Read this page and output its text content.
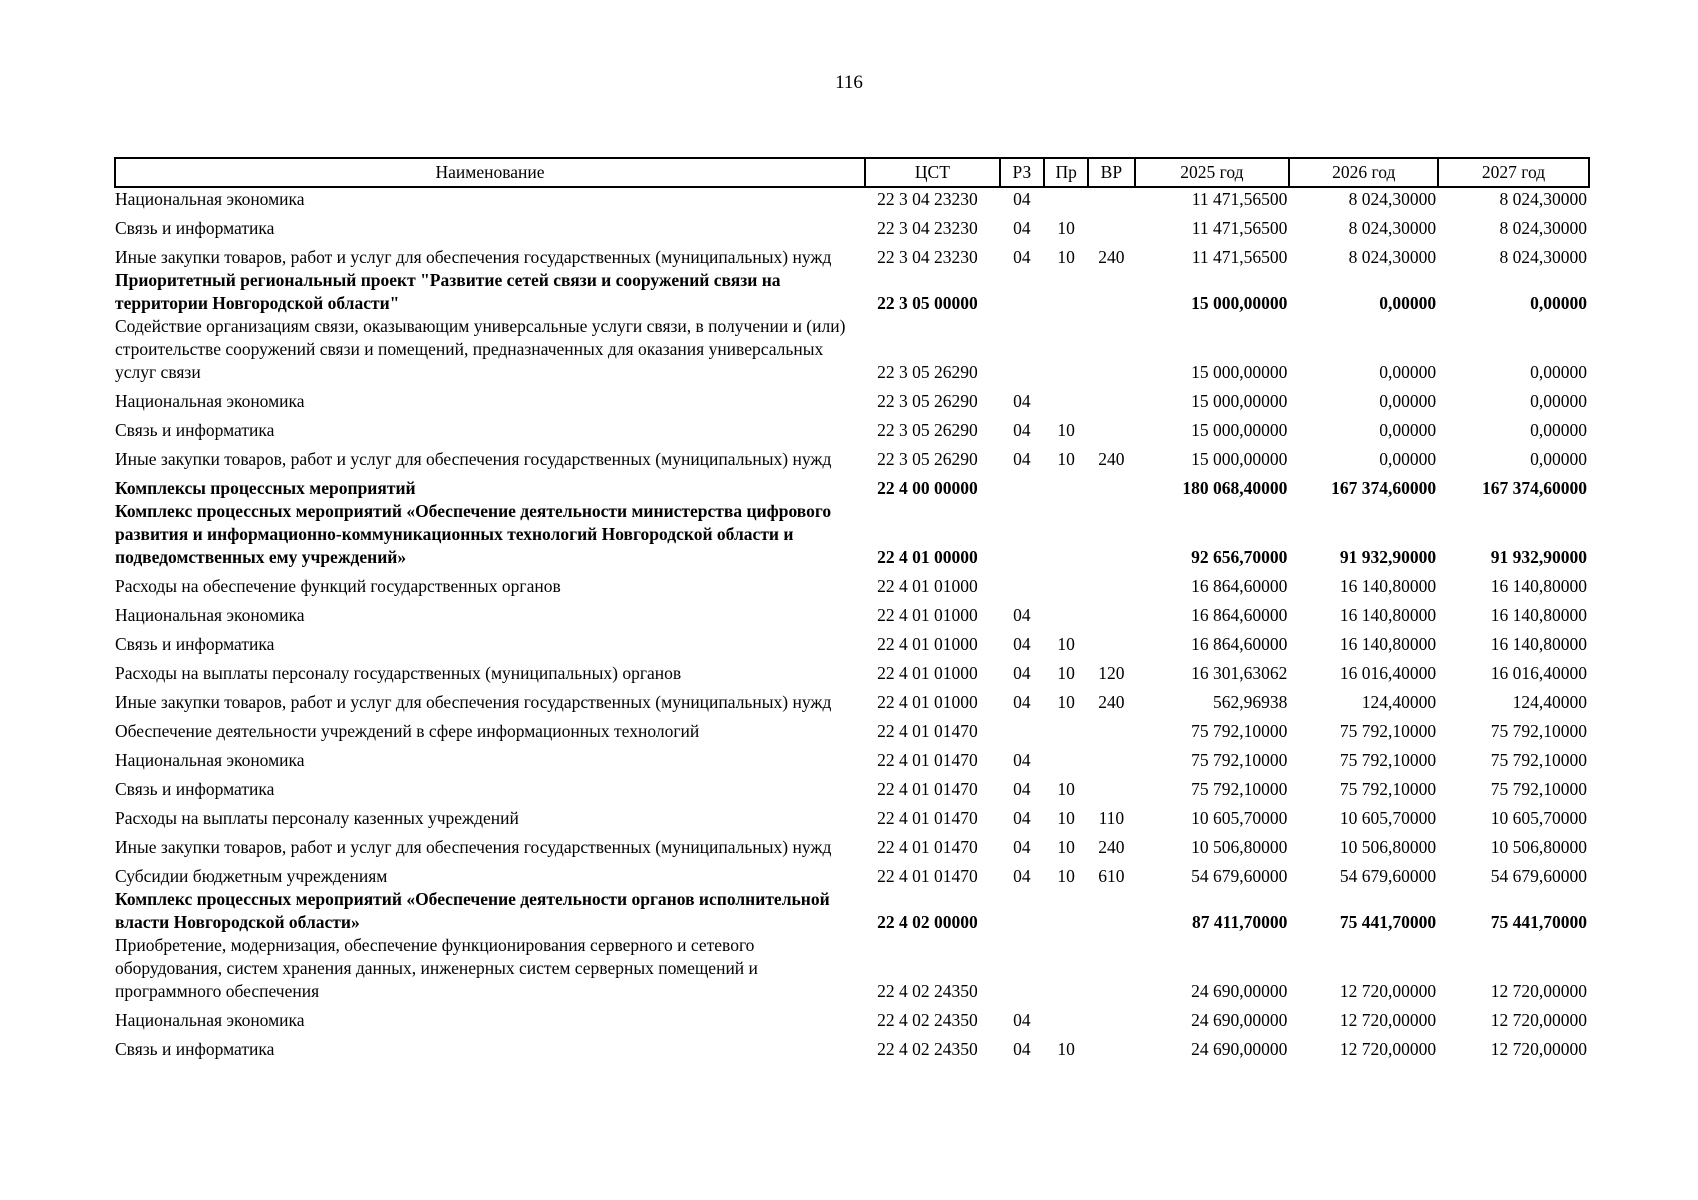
116
Наименование	ЦСТ	РЗ	Пр	ВР	2025 год	2026 год	2027 год
Национальная экономика	22 3 04 23230	04			11 471,56500	8 024,30000	8 024,30000
Связь и информатика	22 3 04 23230	04	10		11 471,56500	8 024,30000	8 024,30000
Иные закупки товаров, работ и услуг для обеспечения государственных (муниципальных) нужд	22 3 04 23230	04	10	240	11 471,56500	8 024,30000	8 024,30000
Приоритетный региональный проект "Развитие сетей связи и сооружений связи на территории Новгородской области"	22 3 05 00000				15 000,00000	0,00000	0,00000
Содействие организациям связи, оказывающим универсальные услуги связи, в получении и (или) строительстве сооружений связи и помещений, предназначенных для оказания универсальных услуг связи	22 3 05 26290				15 000,00000	0,00000	0,00000
Национальная экономика	22 3 05 26290	04			15 000,00000	0,00000	0,00000
Связь и информатика	22 3 05 26290	04	10		15 000,00000	0,00000	0,00000
Иные закупки товаров, работ и услуг для обеспечения государственных (муниципальных) нужд	22 3 05 26290	04	10	240	15 000,00000	0,00000	0,00000
Комплексы процессных мероприятий	22 4 00 00000				180 068,40000	167 374,60000	167 374,60000
Комплекс процессных мероприятий «Обеспечение деятельности министерства цифрового развития и информационно-коммуникационных технологий Новгородской области и подведомственных ему учреждений»	22 4 01 00000				92 656,70000	91 932,90000	91 932,90000
Расходы на обеспечение функций государственных органов	22 4 01 01000				16 864,60000	16 140,80000	16 140,80000
Национальная экономика	22 4 01 01000	04			16 864,60000	16 140,80000	16 140,80000
Связь и информатика	22 4 01 01000	04	10		16 864,60000	16 140,80000	16 140,80000
Расходы на выплаты персоналу государственных (муниципальных) органов	22 4 01 01000	04	10	120	16 301,63062	16 016,40000	16 016,40000
Иные закупки товаров, работ и услуг для обеспечения государственных (муниципальных) нужд	22 4 01 01000	04	10	240	562,96938	124,40000	124,40000
Обеспечение деятельности учреждений в сфере информационных технологий	22 4 01 01470				75 792,10000	75 792,10000	75 792,10000
Национальная экономика	22 4 01 01470	04			75 792,10000	75 792,10000	75 792,10000
Связь и информатика	22 4 01 01470	04	10		75 792,10000	75 792,10000	75 792,10000
Расходы на выплаты персоналу казенных учреждений	22 4 01 01470	04	10	110	10 605,70000	10 605,70000	10 605,70000
Иные закупки товаров, работ и услуг для обеспечения государственных (муниципальных) нужд	22 4 01 01470	04	10	240	10 506,80000	10 506,80000	10 506,80000
Субсидии бюджетным учреждениям	22 4 01 01470	04	10	610	54 679,60000	54 679,60000	54 679,60000
Комплекс процессных мероприятий «Обеспечение деятельности органов исполнительной власти Новгородской области»	22 4 02 00000				87 411,70000	75 441,70000	75 441,70000
Приобретение, модернизация, обеспечение функционирования серверного и сетевого оборудования, систем хранения данных, инженерных систем серверных помещений и программного обеспечения	22 4 02 24350				24 690,00000	12 720,00000	12 720,00000
Национальная экономика	22 4 02 24350	04			24 690,00000	12 720,00000	12 720,00000
Связь и информатика	22 4 02 24350	04	10		24 690,00000	12 720,00000	12 720,00000
